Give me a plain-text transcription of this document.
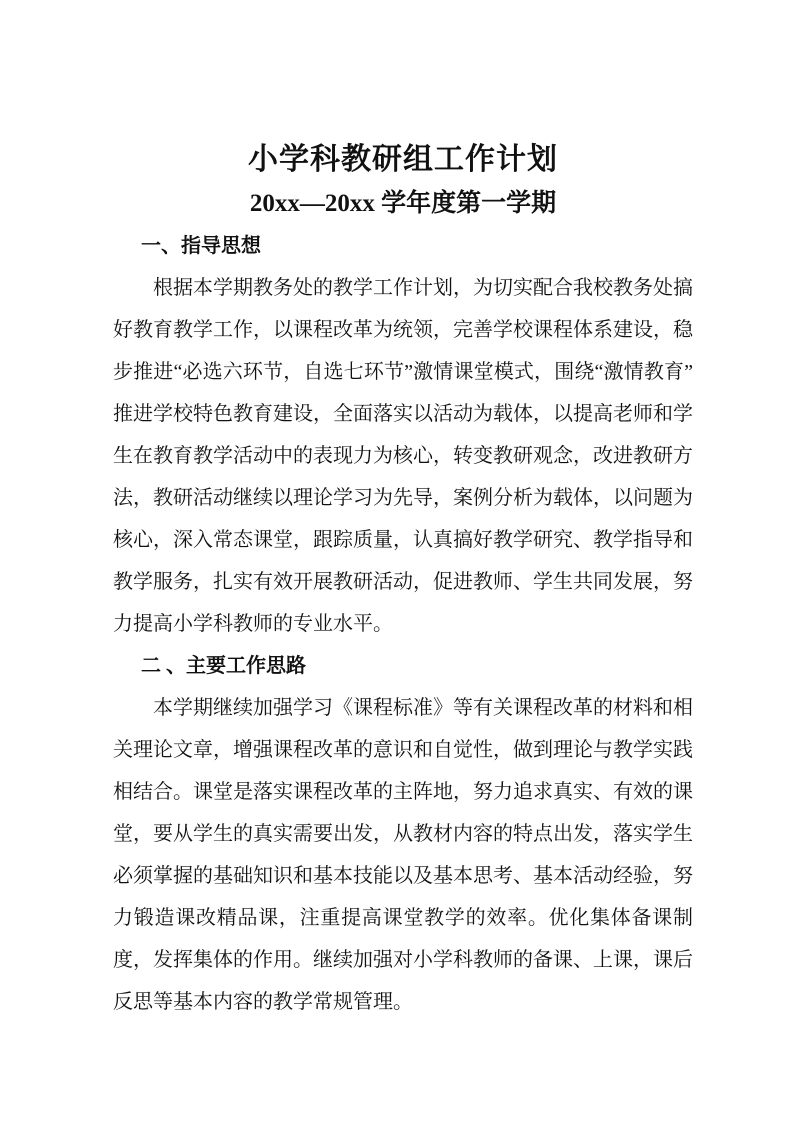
小学科教研组工作计划
20xx—20xx 学年度第一学期
一、指导思想

根据本学期教务处的教学工作计划，为切实配合我校教务处搞好教育教学工作，以课程改革为统领，完善学校课程体系建设，稳步推进“必选六环节，自选七环节”激情课堂模式，围绕“激情教育”推进学校特色教育建设，全面落实以活动为载体，以提高老师和学生在教育教学活动中的表现力为核心，转变教研观念，改进教研方法，教研活动继续以理论学习为先导，案例分析为载体，以问题为核心，深入常态课堂，跟踪质量，认真搞好教学研究、教学指导和教学服务，扎实有效开展教研活动，促进教师、学生共同发展，努力提高小学科教师的专业水平。

二 、主要工作思路

本学期继续加强学习《课程标准》等有关课程改革的材料和相关理论文章，增强课程改革的意识和自觉性，做到理论与教学实践相结合。课堂是落实课程改革的主阵地，努力追求真实、有效的课堂，要从学生的真实需要出发，从教材内容的特点出发，落实学生必须掌握的基础知识和基本技能以及基本思考、基本活动经验，努力锻造课改精品课，注重提高课堂教学的效率。优化集体备课制度，发挥集体的作用。继续加强对小学科教师的备课、上课，课后反思等基本内容的教学常规管理。
